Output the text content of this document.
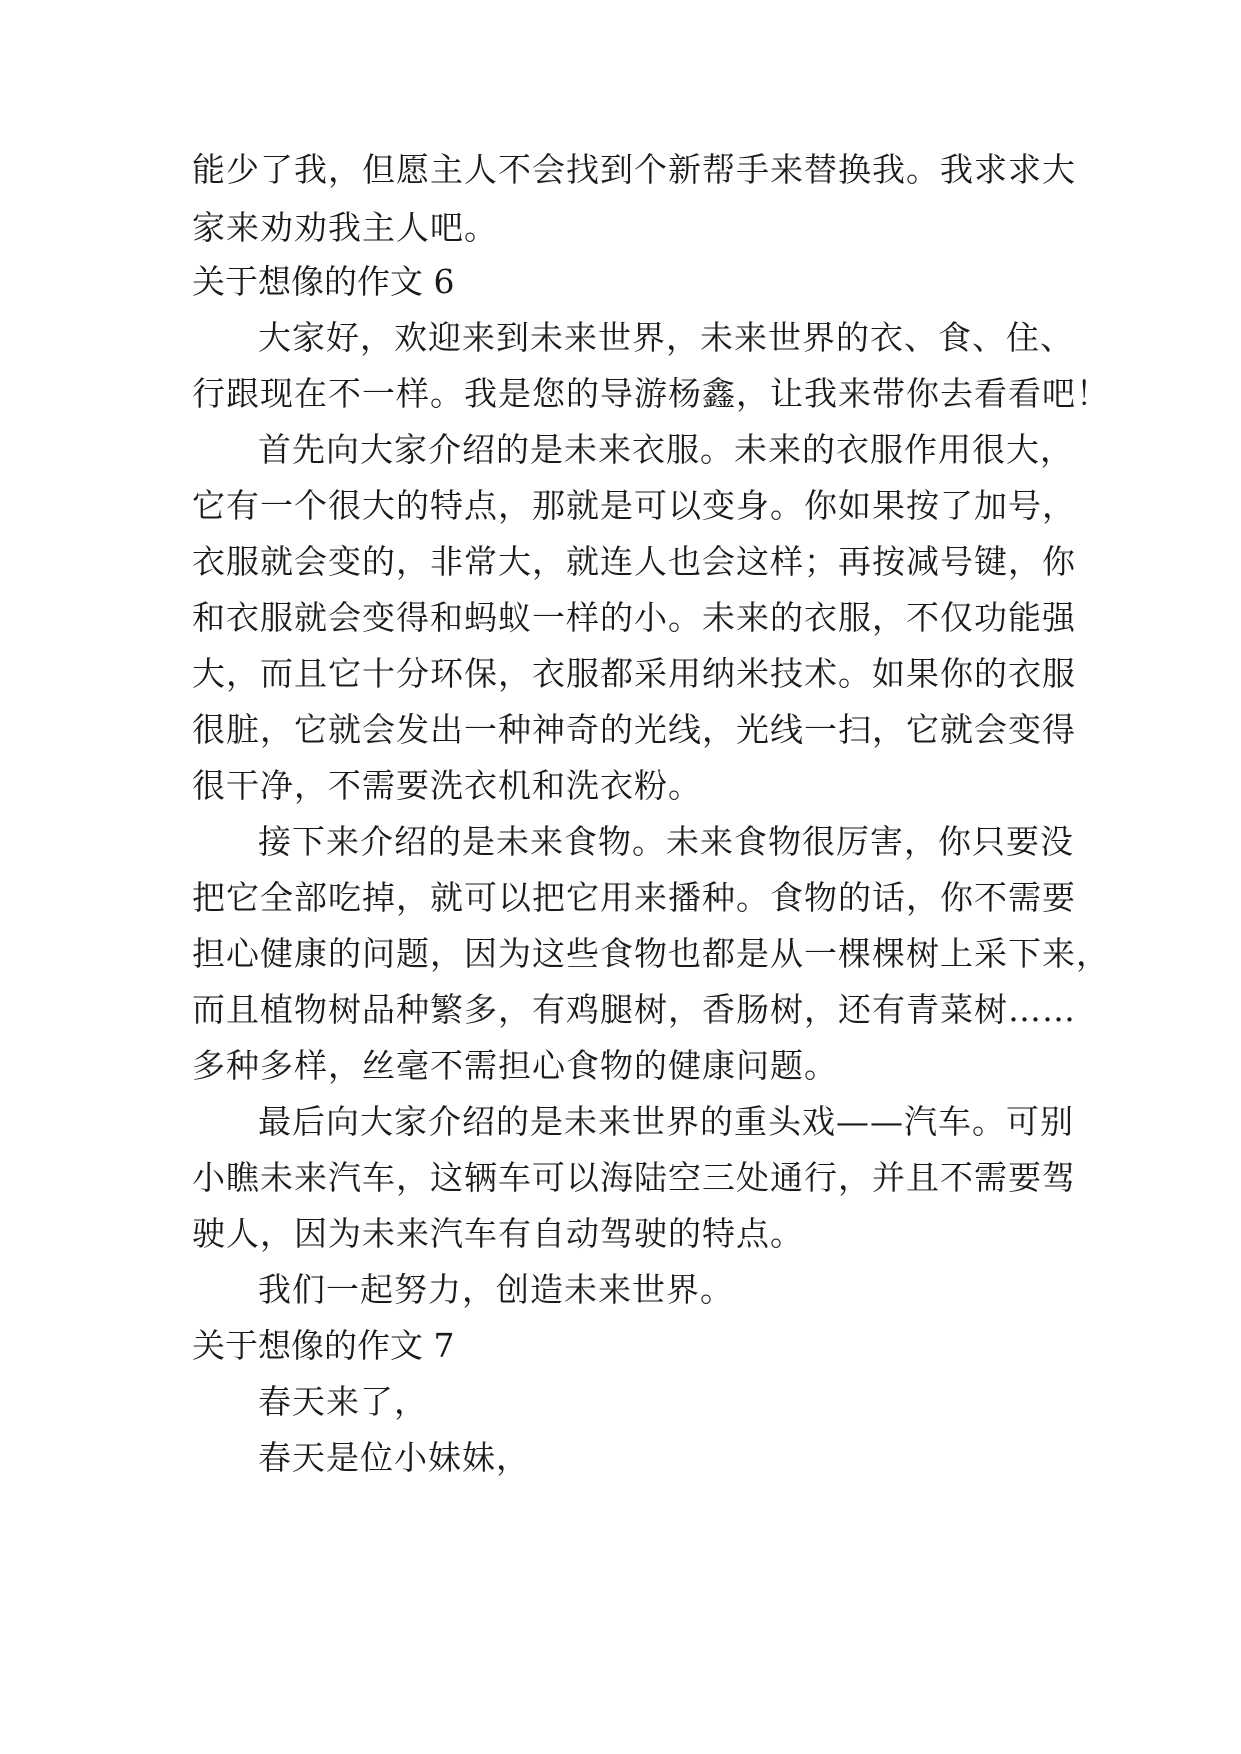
能少了我，但愿主人不会找到个新帮手来替换我。我求求大
家来劝劝我主人吧。
关于想像的作文 6
大家好，欢迎来到未来世界，未来世界的衣、食、住、
行跟现在不一样。我是您的导游杨鑫，让我来带你去看看吧！
首先向大家介绍的是未来衣服。未来的衣服作用很大，
它有一个很大的特点，那就是可以变身。你如果按了加号，
衣服就会变的，非常大，就连人也会这样；再按减号键，你
和衣服就会变得和蚂蚁一样的小。未来的衣服，不仅功能强
大，而且它十分环保，衣服都采用纳米技术。如果你的衣服
很脏，它就会发出一种神奇的光线，光线一扫，它就会变得
很干净，不需要洗衣机和洗衣粉。
接下来介绍的是未来食物。未来食物很厉害，你只要没
把它全部吃掉，就可以把它用来播种。食物的话，你不需要
担心健康的问题，因为这些食物也都是从一棵棵树上采下来，
而且植物树品种繁多，有鸡腿树，香肠树，还有青菜树……
多种多样，丝毫不需担心食物的健康问题。
最后向大家介绍的是未来世界的重头戏——汽车。可别
小瞧未来汽车，这辆车可以海陆空三处通行，并且不需要驾
驶人，因为未来汽车有自动驾驶的特点。
我们一起努力，创造未来世界。
关于想像的作文 7
春天来了，
春天是位小妹妹，
